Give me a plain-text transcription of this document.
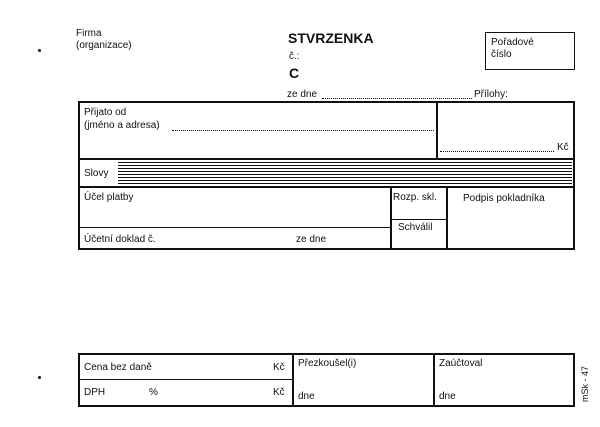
Firma
(organizace)	STVRZENKA
č.:
C
ze dne	Přílohy:
Pořadové
číslo
Přijato od
(jméno a adresa)
Kč
Slovy
Účel platby
Účetní doklad č.	ze dne
Rozp. skl.
Schválil
Podpis pokladníka
Cena bez daně	Kč
DPH	%	Kč
Přezkoušel(i)
dne
Zaúčtoval
dne	mSk - 47
